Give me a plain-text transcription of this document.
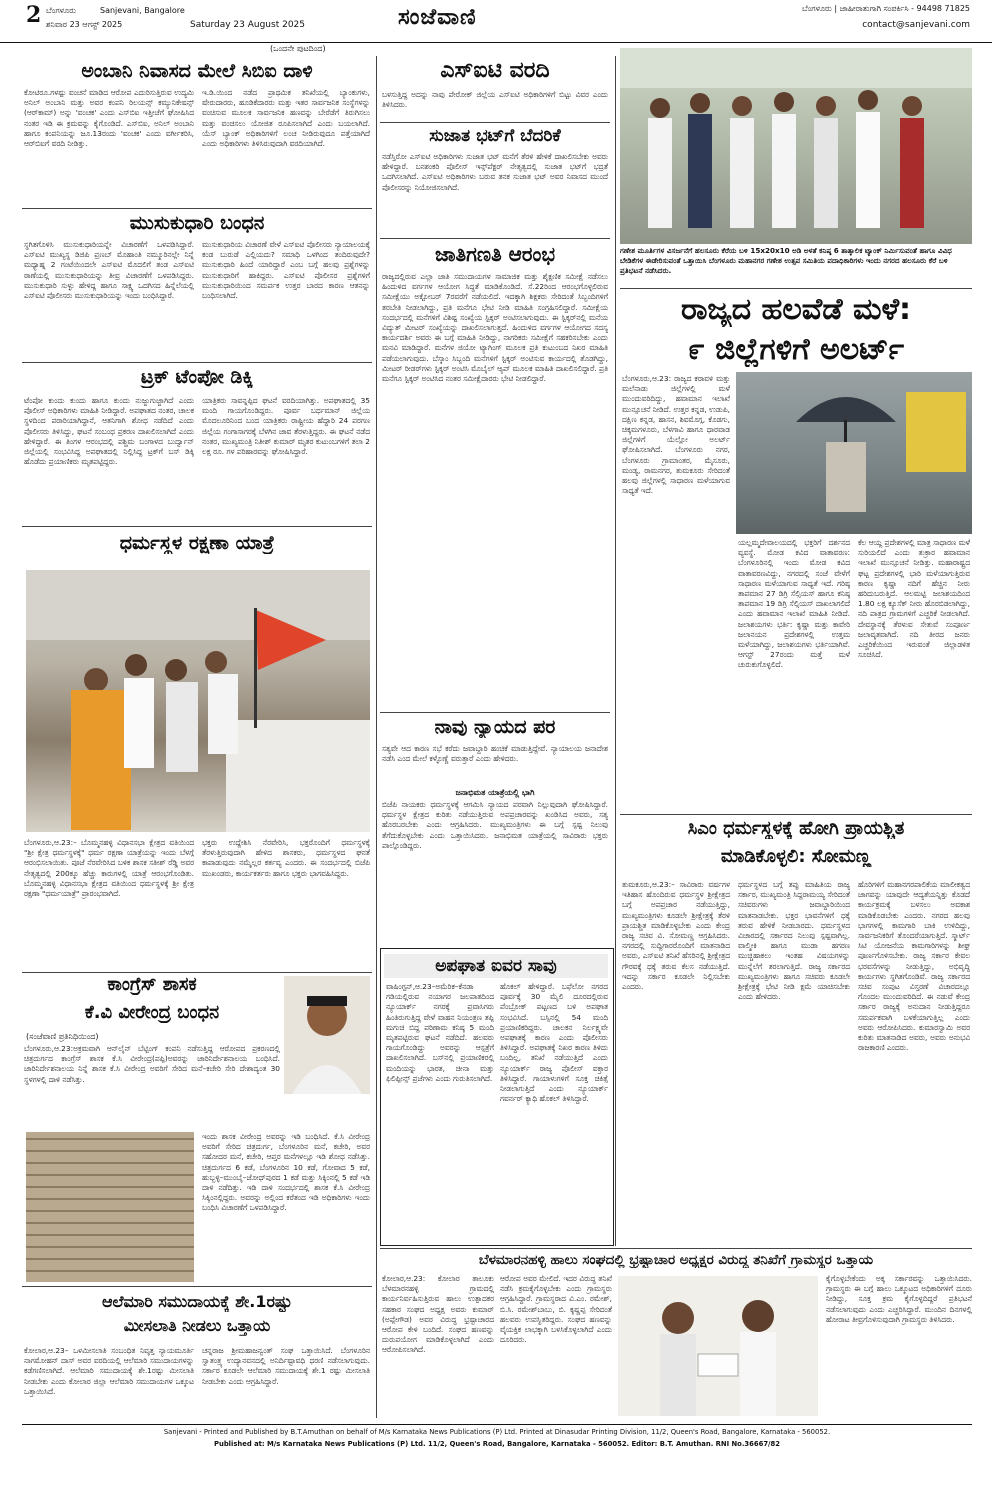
2 ಬೆಂಗಳೂರು	Sanjevani, Bangalore
ಶನಿವಾರ 23 ಆಗಸ್ಟ್ 2025	Saturday 23 August 2025	ಸಂಜೆವಾಣಿ	ಬೆಂಗಳೂರು | ಜಾಹೀರಾತುಗಾಗಿ ಸಂಪರ್ಕಿಸಿ - 94498 71825
contact@sanjevani.com
(ಒಂದನೇ ಪುಟದಿಂದ)
ಅಂಬಾನಿ ನಿವಾಸದ ಮೇಲೆ ಸಿಬಿಐ ದಾಳಿ
ಕೋಟಿರೂ.ಗಳಷ್ಟು ವಂಚನೆ ಮಾಡಿದ ಆರೋಪ ಎದುರಿಸುತ್ತಿರುವ ಉದ್ಯಮಿ ಅನಿಲ್ ಅಂಬಾನಿ ಮತ್ತು ಅವರ ಕಂಪನಿ ರಿಲಯನ್ಸ್ ಕಮ್ಯುನಿಕೇಷನ್ಸ್ (ಆರ್‌ಕಾಮ್) ಅನ್ನು 'ವಂಚಕ' ಎಂದು ಎಸ್‌ಬಿಐ ಇತ್ತೀಚೆಗೆ ಘೋಷಿಸಿದ ನಂತರ ಇಡಿ ಈ ಕ್ರಮವನ್ನು ಕೈಗೊಂಡಿದೆ. ಎಸ್‌ಬಿಐ, ಅನಿಲ್ ಅಂಬಾನಿ ಹಾಗೂ ಕಂಪನಿಯನ್ನು ಜೂ.13ರಂದು 'ವಂಚಕ' ಎಂದು ವರ್ಗೀಕರಿಸಿ, ಆರ್‌ಬಿಐಗೆ ವರದಿ ನೀಡಿತ್ತು.
ಇ.ಡಿ.ಯಿಂದ ನಡೆದ ಪ್ರಾಥಮಿಕ ತನಿಖೆಯಲ್ಲಿ ಬ್ಯಾಂಕುಗಳು, ಷೇರುದಾರರು, ಹೂಡಿಕೆದಾರರು ಮತ್ತು ಇತರ ಸಾರ್ವಜನಿಕ ಸಂಸ್ಥೆಗಳನ್ನು ವಂಚಿಸುವ ಮೂಲಕ ಸಾರ್ವಜನಿಕ ಹಣವನ್ನು ಬೇರೆಡೆಗೆ ತಿರುಗಿಸಲು ಮತ್ತು ವಂಚಿಸಲು ಯೋಜಿತ ರೂಪಿಸಲಾಗಿದೆ ಎಂದು ಬಯಲಾಗಿದೆ. ಯೆಸ್ ಬ್ಯಾಂಕ್ ಅಧಿಕಾರಿಗಳಿಗೆ ಲಂಚ ನೀಡಿರುವುದೂ ಪತ್ತೆಯಾಗಿದೆ ಎಂದು ಅಧಿಕಾರಿಗಳು ತಿಳಿಸಿರುವುದಾಗಿ ವರದಿಯಾಗಿದೆ.
ಮುಸುಕುಧಾರಿ ಬಂಧನ
ಸ್ಥಗಿತಗೊಳಿಸಿ ಮುಸುಕುಧಾರಿಯನ್ನೇ ವಿಚಾರಣೆಗೆ ಒಳಪಡಿಸಿದ್ದಾರೆ. ಎಸ್‌ಐಟಿ ಮುಖ್ಯಸ್ಥ ಡಿಜಿಪಿ ಪ್ರಣಬ್ ಮೊಹಾಂತಿ ನಮ್ಮೂರಿನಲ್ಲೇ ನಿನ್ನೆ ಮಧ್ಯಾಹ್ನ 2 ಗಂಟೆಯಿಂದಲೇ ಎಸ್‌ಐಟಿ ಮೊದಲಿಗೆ ತಂಡ ಎಸ್‌ಐಟಿ ಠಾಣೆಯಲ್ಲಿ ಮುಸುಕುಧಾರಿಯನ್ನು ತೀವ್ರ ವಿಚಾರಣೆಗೆ ಒಳಪಡಿಸಿದ್ದರು. ಮುಸುಕುಧಾರಿ ಸುಳ್ಳು ಹೇಳಿದ್ದ ಹಾಗೂ ಸಾಕ್ಷ್ಯ ಒದಗಿಸದ ಹಿನ್ನೆಲೆಯಲ್ಲಿ ಎಸ್‌ಐಟಿ ಪೊಲೀಸರು ಮುಸುಕುಧಾರಿಯನ್ನು ಇಂದು ಬಂಧಿಸಿದ್ದಾರೆ.
ಮುಸುಕುಧಾರಿಯ ವಿಚಾರಣೆ ವೇಳೆ ಎಸ್‌ಐಟಿ ಪೊಲೀಸರು ನ್ಯಾಯಾಲಯಕ್ಕೆ ಕಂಡ ಬುರುಡೆ ಎಲ್ಲಿಯದು? ಸಮಾಧಿ ಒಳಗಿಂದ ತಂದಿರುವುದೇ? ಮುಸುಕುಧಾರಿ ಹಿಂದೆ ಯಾರಿದ್ದಾರೆ ಎಂಬ ಬಗ್ಗೆ ಹಲವು ಪ್ರಶ್ನೆಗಳನ್ನು ಮುಸುಕುಧಾರಿಗೆ ಹಾಕಿದ್ದರು. ಎಸ್‌ಐಟಿ ಪೊಲೀಸರ ಪ್ರಶ್ನೆಗಳಿಗೆ ಮುಸುಕುಧಾರಿಯಿಂದ ಸಮರ್ಪಕ ಉತ್ತರ ಬಾರದ ಕಾರಣ ಆತನನ್ನು ಬಂಧಿಸಲಾಗಿದೆ.
ಟ್ರಕ್ ಟೆಂಪೋ ಡಿಕ್ಕಿ
ಟೆಂಪೋ ಕುಂದು ಕುಂದು ಹಾಗೂ ಕುಂದು ನುಜ್ಜುಗುಜ್ಜಾಗಿದೆ ಎಂದು ಪೊಲೀಸ್ ಅಧಿಕಾರಿಗಳು ಮಾಹಿತಿ ನೀಡಿದ್ದಾರೆ. ಅಪಘಾತದ ನಂತರ, ಚಾಲಕ ಸ್ಥಳದಿಂದ ಪರಾರಿಯಾಗಿದ್ದಾನೆ, ಆತನಿಗಾಗಿ ಶೋಧ ನಡೆದಿದೆ ಎಂದು ಪೊಲೀಸರು ತಿಳಿಸಿದ್ದು, ಘಟನೆ ಸಂಬಂಧ ಪ್ರಕರಣ ದಾಖಲಿಸಲಾಗಿದೆ ಎಂದು ಹೇಳಿದ್ದಾರೆ. ಈ ತಿಂಗಳ ಆರಂಭದಲ್ಲಿ ಪಶ್ಚಿಮ ಬಂಗಾಳದ ಬುರ್ದ್ವಾನ್ ಜಿಲ್ಲೆಯಲ್ಲಿ ಸಂಭವಿಸಿದ್ದ ಅಪಘಾತದಲ್ಲಿ ನಿಲ್ಲಿಸಿದ್ದ ಟ್ರಕ್‌ಗೆ ಬಸ್ ಡಿಕ್ಕಿ ಹೊಡೆದು ಪ್ರಯಾಣಿಕರು ಮೃತಪಟ್ಟಿದ್ದರು.
ಯಾತ್ರಿಕರು ಸಾವನ್ನಪ್ಪಿದ ಘಟನೆ ವರದಿಯಾಗಿತ್ತು. ಅಪಘಾತದಲ್ಲಿ 35 ಮಂದಿ ಗಾಯಗೊಂಡಿದ್ದರು. ಪೂರ್ವ ಬರ್ಧಮಾನ್ ಜಿಲ್ಲೆಯ ಮೊದಲೂರಿನಿಂದ ಬಂದ ಯಾತ್ರಿಕರು ರಾಷ್ಟ್ರೀಯ ಹೆದ್ದಾರಿ 24 ಪರಗಣ ಜಿಲ್ಲೆಯ ಗಂಗಾಸಾಗರಕ್ಕೆ ಬೆಳಗಿನ ಜಾವ ತೆರಳುತ್ತಿದ್ದರು. ಈ ಘಟನೆ ನಡೆದ ನಂತರ, ಮುಖ್ಯಮಂತ್ರಿ ನಿತೀಶ್ ಕುಮಾರ್ ಮೃತರ ಕುಟುಂಬಗಳಿಗೆ ತಲಾ 2 ಲಕ್ಷ ರೂ. ಗಳ ಪರಿಹಾರವನ್ನು ಘೋಷಿಸಿದ್ದಾರೆ.
ಧರ್ಮಸ್ಥಳ ರಕ್ಷಣಾ ಯಾತ್ರೆ
ಬೆಂಗಳೂರು,ಆ.23:– ಬೊಮ್ಮನಹಳ್ಳಿ ವಿಧಾನಸಭಾ ಕ್ಷೇತ್ರದ ವತಿಯಿಂದ "ಶ್ರೀ ಕ್ಷೇತ್ರ ಧರ್ಮಸ್ಥಳಕ್ಕೆ" ಧರ್ಮ ರಕ್ಷಣಾ ಯಾತ್ರೆಯನ್ನು ಇಂದು ಬೆಳಗ್ಗೆ ಆರಂಭಿಸಲಾಯಿತು. ಪೂಜೆ ನೆರವೇರಿಸಿದ ಬಳಿಕ ಶಾಸಕ ಸತೀಶ್ ರೆಡ್ಡಿ ಅವರ ನೇತೃತ್ವದಲ್ಲಿ 200ಕ್ಕೂ ಹೆಚ್ಚು ಕಾರುಗಳಲ್ಲಿ ಯಾತ್ರೆ ಆರಂಭಗೊಂಡಿತು. ಬೊಮ್ಮನಹಳ್ಳಿ ವಿಧಾನಸಭಾ ಕ್ಷೇತ್ರದ ವತಿಯಿಂದ ಧರ್ಮಸ್ಥಳಕ್ಕೆ ಶ್ರೀ ಕ್ಷೇತ್ರ ರಕ್ಷಣಾ "ಧರ್ಮಯಾತ್ರೆ" ಪ್ರಾರಂಭವಾಗಿದೆ.
ಭಕ್ತರು ಉದ್ದೇಶಿಸಿ ನೆರವೇರಿಸಿ, ಭಕ್ತರೊಂದಿಗೆ ಧರ್ಮಸ್ಥಳಕ್ಕೆ ತೆರಳುತ್ತಿರುವುದಾಗಿ ಹೇಳಿದ ಶಾಸಕರು, ಧರ್ಮಸ್ಥಳದ ಘನತೆ ಕಾಪಾಡುವುದು ನಮ್ಮೆಲ್ಲರ ಕರ್ತವ್ಯ ಎಂದರು. ಈ ಸಂದರ್ಭದಲ್ಲಿ ಬಿಜೆಪಿ ಮುಖಂಡರು, ಕಾರ್ಯಕರ್ತರು ಹಾಗೂ ಭಕ್ತರು ಭಾಗವಹಿಸಿದ್ದರು.
ಕಾಂಗ್ರೆಸ್ ಶಾಸಕ
ಕೆ.ವಿ ವೀರೇಂದ್ರ ಬಂಧನ
(ಸಂಜೆವಾಣಿ ಪ್ರತಿನಿಧಿಯಿಂದ)
ಬೆಂಗಳೂರು,ಆ.23:ಅಕ್ರಮವಾಗಿ ಆನ್‌ಲೈನ್ ಬೆಟ್ಟಿಂಗ್ ಕಂಪನಿ ನಡೆಸುತ್ತಿದ್ದ ಆರೋಪದ ಪ್ರಕರಣದಲ್ಲಿ ಚಿತ್ರದುರ್ಗದ ಕಾಂಗ್ರೆಸ್ ಶಾಸಕ ಕೆ.ಸಿ ವೀರೇಂದ್ರ(ಪಪ್ಪಿ)ಅವರನ್ನು ಜಾರಿನಿರ್ದೇಶನಾಲಯ ಬಂಧಿಸಿದೆ. ಜಾರಿನಿರ್ದೇಶನಾಲಯ ನಿನ್ನೆ ಶಾಸಕ ಕೆ.ಸಿ ವೀರೇಂದ್ರ ಅವರಿಗೆ ಸೇರಿದ ಮನೆ–ಕಚೇರಿ ಸೇರಿ ದೇಶಾದ್ಯಂತ 30 ಸ್ಥಳಗಳಲ್ಲಿ ದಾಳಿ ನಡೆಸಿತ್ತು.
ಇಂದು ಶಾಸಕ ವೀರೇಂದ್ರ ಅವರನ್ನು ಇಡಿ ಬಂಧಿಸಿದೆ. ಕೆ.ಸಿ ವೀರೇಂದ್ರ ಅವರಿಗೆ ಸೇರಿದ ಚಿತ್ರದುರ್ಗ, ಬೆಂಗಳೂರಿನ ಮನೆ, ಕಚೇರಿ, ಅವರ ಸಹೋದರ ಮನೆ, ಕಚೇರಿ, ಆಪ್ತರ ಮನೆಗಳಲ್ಲೂ ಇಡಿ ಶೋಧ ನಡೆಸಿತ್ತು. ಚಿತ್ರದುರ್ಗದ 6 ಕಡೆ, ಬೆಂಗಳೂರಿನ 10 ಕಡೆ, ಗೋವಾದ 5 ಕಡೆ, ಹುಬ್ಬಳ್ಳಿ–ಮುಂಬೈ–ಜೋಧ್‌ಪುರದ 1 ಕಡೆ ಮತ್ತು ಸಿಕ್ಕಿಂನಲ್ಲಿ 5 ಕಡೆ ಇಡಿ ದಾಳಿ ನಡೆದಿತ್ತು. ಇಡಿ ದಾಳಿ ಸಂದರ್ಭದಲ್ಲಿ ಶಾಸಕ ಕೆ.ಸಿ ವೀರೇಂದ್ರ ಸಿಕ್ಕಿಂನಲ್ಲಿದ್ದರು. ಅವರನ್ನು ಅಲ್ಲಿಂದ ಕರೆತಂದ ಇಡಿ ಅಧಿಕಾರಿಗಳು ಇಂದು ಬಂಧಿಸಿ ವಿಚಾರಣೆಗೆ ಒಳಪಡಿಸಿದ್ದಾರೆ.
ಆಲೆಮಾರಿ ಸಮುದಾಯಕ್ಕೆ ಶೇ.1ರಷ್ಟು
ಮೀಸಲಾತಿ ನೀಡಲು ಒತ್ತಾಯ
ಕೋಲಾರ,ಆ.23– ಒಳಮೀಸಲಾತಿ ಸಂಬಂಧಿತ ನಿವೃತ್ತ ನ್ಯಾಯಮೂರ್ತಿ ನಾಗಮೋಹನ್ ದಾಸ್ ಅವರ ವರದಿಯಲ್ಲಿ ಆಲೆಮಾರಿ ಸಮುದಾಯಗಳನ್ನು ಕಡೆಗಣಿಸಲಾಗಿದೆ. ಆಲೆಮಾರಿ ಸಮುದಾಯಕ್ಕೆ ಶೇ.1ರಷ್ಟು ಮೀಸಲಾತಿ ನೀಡಬೇಕು ಎಂದು ಕೋಲಾರ ಜಿಲ್ಲಾ ಆಲೆಮಾರಿ ಸಮುದಾಯಗಳ ಒಕ್ಕೂಟ ಒತ್ತಾಯಿಸಿದೆ.
ಚನ್ನರಾಜ ಶ್ರೀಮಹಾಜನ್ವಂತ್ ಸಂಘ ಒತ್ತಾಯಿಸಿದೆ. ಬೆಂಗಳೂರಿನ ಸ್ವಾತಂತ್ರ್ಯ ಉದ್ಯಾನವನದಲ್ಲಿ ಅನಿರ್ದಿಷ್ಟಾವಧಿ ಧರಣಿ ನಡೆಸಲಾಗುವುದು. ಸರ್ಕಾರ ಕೂಡಲೇ ಆಲೆಮಾರಿ ಸಮುದಾಯಕ್ಕೆ ಶೇ.1 ರಷ್ಟು ಮೀಸಲಾತಿ ನೀಡಬೇಕು ಎಂದು ಆಗ್ರಹಿಸಿದ್ದಾರೆ.
ಎಸ್‌ಐಟಿ ವರದಿ
ಬಳಸುತ್ತಿದ್ದ ಅದನ್ನು ನಾವು ಪೇರೋಕ್ ಜಿಲ್ಲೆಯ ಎಸ್‌ಐಟಿ ಅಧಿಕಾರಿಗಳಿಗೆ ಬಿಟ್ಟು ವಿವರ ಎಂದು ತಿಳಿಸಿದರು.
ಸುಜಾತ ಭಟ್‌ಗೆ ಬೆದರಿಕೆ
ನಡೆಸ್ತಿರೋ ಎಸ್‌ಐಟಿ ಅಧಿಕಾರಿಗಳು ಸುಜಾತ ಭಟ್ ಮನೆಗೆ ತೆರಳಿ ಹೇಳಿಕೆ ದಾಖಲಿಸಬೇಕು ಅವರು ಹೇಳಿದ್ದಾರೆ. ಬನಶಂಕರಿ ಪೊಲೀಸ್ ಇನ್ಸ್‌ಪೆಕ್ಟರ್ ನೇತೃತ್ವದಲ್ಲಿ ಸುಜಾತ ಭಟ್‌ಗೆ ಭದ್ರತೆ ಒದಗಿಸಲಾಗಿದೆ. ಎಸ್‌ಐಟಿ ಅಧಿಕಾರಿಗಳು ಬರುವ ತನಕ ಸುಜಾತ ಭಟ್ ಅವರ ನಿವಾಸದ ಮುಂದೆ ಪೊಲೀಸರನ್ನು ನಿಯೋಜಿಸಲಾಗಿದೆ.
ಜಾತಿಗಣತಿ ಆರಂಭ
ರಾಜ್ಯದಲ್ಲಿರುವ ಎಲ್ಲಾ ಜಾತಿ ಸಮುದಾಯಗಳ ಸಾಮಾಜಿಕ ಮತ್ತು ಶೈಕ್ಷಣಿಕ ಸಮೀಕ್ಷೆ ನಡೆಸಲು ಹಿಂದುಳಿದ ವರ್ಗಗಳ ಆಯೋಗ ಸಿದ್ಧತೆ ಮಾಡಿಕೊಂಡಿದೆ. ಸೆ.22ರಿಂದ ಆರಂಭಗೊಳ್ಳಲಿರುವ ಸಮೀಕ್ಷೆಯು ಅಕ್ಟೋಬರ್ 7ರವರೆಗೆ ನಡೆಯಲಿದೆ. ಇದಕ್ಕಾಗಿ ಶಿಕ್ಷಕರು ಸೇರಿದಂತೆ ಸಿಬ್ಬಂದಿಗಳಿಗೆ ತರಬೇತಿ ನೀಡಲಾಗಿದ್ದು, ಪ್ರತಿ ಮನೆಗೂ ಭೇಟಿ ನೀಡಿ ಮಾಹಿತಿ ಸಂಗ್ರಹಿಸಲಿದ್ದಾರೆ. ಸಮೀಕ್ಷೆಯ ಸಂದರ್ಭದಲ್ಲಿ ಮನೆಗಳಿಗೆ ವಿಶಿಷ್ಟ ಸಂಖ್ಯೆಯ ಸ್ಟಿಕ್ಕರ್ ಅಂಟಿಸಲಾಗುವುದು. ಈ ಸ್ಟಿಕ್ಕರ್‌ನಲ್ಲಿ ಮನೆಯ ವಿದ್ಯುತ್ ಮೀಟರ್ ಸಂಖ್ಯೆಯನ್ನು ದಾಖಲಿಸಲಾಗುತ್ತದೆ. ಹಿಂದುಳಿದ ವರ್ಗಗಳ ಆಯೋಗದ ಸದಸ್ಯ ಕಾರ್ಯದರ್ಶಿ ಅವರು ಈ ಬಗ್ಗೆ ಮಾಹಿತಿ ನೀಡಿದ್ದು, ನಾಗರಿಕರು ಸಮೀಕ್ಷೆಗೆ ಸಹಕರಿಸಬೇಕು ಎಂದು ಮನವಿ ಮಾಡಿದ್ದಾರೆ. ಮನೆಗಳ ಜಿಯೋ ಟ್ಯಾಗಿಂಗ್ ಮೂಲಕ ಪ್ರತಿ ಕುಟುಂಬದ ನಿಖರ ಮಾಹಿತಿ ಪಡೆಯಲಾಗುವುದು. ಬೆಸ್ಕಾಂ ಸಿಬ್ಬಂದಿ ಮನೆಗಳಿಗೆ ಸ್ಟಿಕ್ಕರ್ ಅಂಟಿಸುವ ಕಾರ್ಯದಲ್ಲಿ ತೊಡಗಿದ್ದು, ಮೀಟರ್ ರೀಡರ್‌ಗಳು ಸ್ಟಿಕ್ಕರ್ ಅಂಟಿಸಿ ಮೊಬೈಲ್ ಆ್ಯಪ್ ಮೂಲಕ ಮಾಹಿತಿ ದಾಖಲಿಸಲಿದ್ದಾರೆ. ಪ್ರತಿ ಮನೆಗೂ ಸ್ಟಿಕ್ಕರ್ ಅಂಟಿಸಿದ ನಂತರ ಸಮೀಕ್ಷೆದಾರರು ಭೇಟಿ ನೀಡಲಿದ್ದಾರೆ.
ನಾವು ನ್ಯಾಯದ ಪರ
ಸತ್ಯವೇ ಆದ ಕಾರಣ ಸಭೆ ಕರೆದು ಜವಾಬ್ದಾರಿ ಹಂಚಿಕೆ ಮಾಡುತ್ತಿದ್ದೇವೆ. ನ್ಯಾಯಾಲಯ ಜನಾದೇಶ ನಡೆಸಿ ಎಂದ ಮೇಲೆ ಕಳ್ಳೊಣ್ಣೆ ವರುತ್ತಾರೆ ಎಂದು ಹೇಳಿದರು.
ಜನಾಭಿಮತ ಯಾತ್ರೆಯಲ್ಲಿ ಭಾಗಿ
ಬಿಜೆಪಿ ನಾಯಕರು ಧರ್ಮಸ್ಥಳಕ್ಕೆ ಆಗಮಿಸಿ ನ್ಯಾಯದ ಪರವಾಗಿ ನಿಲ್ಲುವುದಾಗಿ ಘೋಷಿಸಿದ್ದಾರೆ. ಧರ್ಮಸ್ಥಳ ಕ್ಷೇತ್ರದ ಕುರಿತು ನಡೆಯುತ್ತಿರುವ ಅಪಪ್ರಚಾರವನ್ನು ಖಂಡಿಸಿದ ಅವರು, ಸತ್ಯ ಹೊರಬರಬೇಕು ಎಂದು ಆಗ್ರಹಿಸಿದರು. ಮುಖ್ಯಮಂತ್ರಿಗಳು ಈ ಬಗ್ಗೆ ಸ್ಪಷ್ಟ ನಿಲುವು ತೆಗೆದುಕೊಳ್ಳಬೇಕು ಎಂದು ಒತ್ತಾಯಿಸಿದರು. ಜನಾಭಿಮತ ಯಾತ್ರೆಯಲ್ಲಿ ಸಾವಿರಾರು ಭಕ್ತರು ಪಾಲ್ಗೊಂಡಿದ್ದರು.
ಅಪಘಾತ ಐವರ ಸಾವು
ವಾಷಿಂಗ್ಟನ್,ಆ.23–ಅಮೆರಿಕ–ಕೆನಡಾ ಗಡಿಯಲ್ಲಿರುವ ನಯಾಗರ ಜಲಪಾತದಿಂದ ನ್ಯೂಯಾರ್ಕ್ ನಗರಕ್ಕೆ ಪ್ರವಾಸಿಗರು ಹಿಂತಿರುಗುತ್ತಿದ್ದ ವೇಳೆ ವಾಹನ ನಿಯಂತ್ರಣ ತಪ್ಪಿ ಮಗುಚಿ ಬಿದ್ದ ಪರಿಣಾಮ ಕನಿಷ್ಠ 5 ಮಂದಿ ಮೃತಪಟ್ಟಿರುವ ಘಟನೆ ನಡೆದಿದೆ. ಹಲವರು ಗಾಯಗೊಂಡಿದ್ದು ಅವರನ್ನು ಆಸ್ಪತ್ರೆಗೆ ದಾಖಲಿಸಲಾಗಿದೆ. ಬಸ್‌ನಲ್ಲಿ ಪ್ರಯಾಣಿಕರಲ್ಲಿ ಮಂದಿಯನ್ನು ಭಾರತ, ಚೀನಾ ಮತ್ತು ಫಿಲಿಪ್ಪೀನ್ಸ್ ಪ್ರಜೆಗಳು ಎಂದು ಗುರುತಿಸಲಾಗಿದೆ.
ಹೊಕಲ್ ಹೇಳಿದ್ದಾರೆ. ಬಫೆಲೋ ನಗರದ ಪೂರ್ವಕ್ಕೆ 30 ಮೈಲಿ ದೂರದಲ್ಲಿರುವ ಪೆಂಬ್ರೋಕ್ ಪಟ್ಟಣದ ಬಳಿ ಅಪಘಾತ ಸಂಭವಿಸಿದೆ. ಬಸ್ಸಿನಲ್ಲಿ 54 ಮಂದಿ ಪ್ರಯಾಣಿಕರಿದ್ದರು. ಚಾಲಕನ ನಿರ್ಲಕ್ಷ್ಯವೇ ಅಪಘಾತಕ್ಕೆ ಕಾರಣ ಎಂದು ಪೊಲೀಸರು ತಿಳಿಸಿದ್ದಾರೆ. ಅಪಘಾತಕ್ಕೆ ನಿಖರ ಕಾರಣ ತಿಳಿದು ಬಂದಿಲ್ಲ, ತನಿಖೆ ನಡೆಯುತ್ತಿದೆ ಎಂದು ನ್ಯೂಯಾರ್ಕ್ ರಾಜ್ಯ ಪೊಲೀಸ್ ವಕ್ತಾರ ತಿಳಿಸಿದ್ದಾರೆ. ಗಾಯಾಳುಗಳಿಗೆ ಸೂಕ್ತ ಚಿಕಿತ್ಸೆ ನೀಡಲಾಗುತ್ತಿದೆ ಎಂದು ನ್ಯೂಯಾರ್ಕ್ ಗವರ್ನರ್ ಕ್ಯಾಥಿ ಹೊಕಲ್ ತಿಳಿಸಿದ್ದಾರೆ.
ಗಣೇಶ ಮೂರ್ತಿಗಳ ವಿಸರ್ಜನೆಗೆ ಹಲಸೂರು ಕೆರೆಯ ಬಳಿ 15x20x10 ಅಡಿ ಅಳತೆ ಕನಿಷ್ಠ 6 ತಾತ್ಕಾಲಿಕ ಟ್ಯಾಂಕ್ ನಿರ್ಮಿಸುವಂತೆ ಹಾಗೂ ವಿವಿಧ ಬೇಡಿಕೆಗಳ ಈಡೇರಿಸುವಂತೆ ಒತ್ತಾಯಿಸಿ ಬೆಂಗಳೂರು ಮಹಾನಗರ ಗಣೇಶ ಉತ್ಸವ ಸಮಿತಿಯ ಪದಾಧಿಕಾರಿಗಳು ಇಂದು ನಗರದ ಹಲಸೂರು ಕೆರೆ ಬಳಿ ಪ್ರತಿಭಟನೆ ನಡೆಸಿದರು.
ರಾಜ್ಯದ ಹಲವೆಡೆ ಮಳೆ:
೯ ಜಿಲ್ಲೆಗಳಿಗೆ ಅಲರ್ಟ್
ಬೆಂಗಳೂರು,ಆ.23: ರಾಜ್ಯದ ಕರಾವಳಿ ಮತ್ತು ಮಲೆನಾಡು ಜಿಲ್ಲೆಗಳಲ್ಲಿ ಮಳೆ ಮುಂದುವರಿದಿದ್ದು, ಹವಾಮಾನ ಇಲಾಖೆ ಮುನ್ಸೂಚನೆ ನೀಡಿದೆ. ಉತ್ತರ ಕನ್ನಡ, ಉಡುಪಿ, ದಕ್ಷಿಣ ಕನ್ನಡ, ಹಾಸನ, ಶಿವಮೊಗ್ಗ, ಕೊಡಗು, ಚಿಕ್ಕಮಗಳೂರು, ಬೆಳಗಾವಿ ಹಾಗೂ ಧಾರವಾಡ ಜಿಲ್ಲೆಗಳಿಗೆ ಯೆಲ್ಲೋ ಅಲರ್ಟ್ ಘೋಷಿಸಲಾಗಿದೆ. ಬೆಂಗಳೂರು ನಗರ, ಬೆಂಗಳೂರು ಗ್ರಾಮಾಂತರ, ಮೈಸೂರು, ಮಂಡ್ಯ, ರಾಮನಗರ, ತುಮಕೂರು ಸೇರಿದಂತೆ ಹಲವು ಜಿಲ್ಲೆಗಳಲ್ಲಿ ಸಾಧಾರಣ ಮಳೆಯಾಗುವ ಸಾಧ್ಯತೆ ಇದೆ.
ಯಲ್ಲಮ್ಮದೇವಾಲಯದಲ್ಲಿ ಭಕ್ತರಿಗೆ ದರ್ಶನದ ವ್ಯವಸ್ಥೆ. ಮೋಡ ಕವಿದ ವಾತಾವರಣ: ಬೆಂಗಳೂರಿನಲ್ಲಿ ಇಂದು ಮೋಡ ಕವಿದ ವಾತಾವರಣವಿದ್ದು, ನಗರದಲ್ಲಿ ಸಂಜೆ ವೇಳೆಗೆ ಸಾಧಾರಣ ಮಳೆಯಾಗುವ ಸಾಧ್ಯತೆ ಇದೆ. ಗರಿಷ್ಠ ತಾಪಮಾನ 27 ಡಿಗ್ರಿ ಸೆಲ್ಸಿಯಸ್ ಹಾಗೂ ಕನಿಷ್ಠ ತಾಪಮಾನ 19 ಡಿಗ್ರಿ ಸೆಲ್ಸಿಯಸ್ ದಾಖಲಾಗಲಿದೆ ಎಂದು ಹವಾಮಾನ ಇಲಾಖೆ ಮಾಹಿತಿ ನೀಡಿದೆ. ಜಲಾಶಯಗಳು ಭರ್ತಿ: ಕೃಷ್ಣಾ ಮತ್ತು ಕಾವೇರಿ ಜಲಾನಯನ ಪ್ರದೇಶಗಳಲ್ಲಿ ಉತ್ತಮ ಮಳೆಯಾಗಿದ್ದು, ಜಲಾಶಯಗಳು ಭರ್ತಿಯಾಗಿವೆ. ಆಗಸ್ಟ್ 27ರಂದು ಮತ್ತೆ ಮಳೆ ಚುರುಕುಗೊಳ್ಳಲಿದೆ.
ಕೆಲ ಆಯ್ದ ಪ್ರದೇಶಗಳಲ್ಲಿ ಮಾತ್ರ ಸಾಧಾರಣ ಮಳೆ ಸುರಿಯಲಿದೆ ಎಂದು ತುಕ್ರಾರ ಹವಾಮಾನ ಇಲಾಖೆ ಮುನ್ಸೂಚನೆ ನೀಡಿತ್ತು. ಮಹಾರಾಷ್ಟ್ರದ ಘಟ್ಟ ಪ್ರದೇಶಗಳಲ್ಲಿ ಭಾರಿ ಮಳೆಯಾಗುತ್ತಿರುವ ಕಾರಣ ಕೃಷ್ಣಾ ನದಿಗೆ ಹೆಚ್ಚಿನ ನೀರು ಹರಿದುಬರುತ್ತಿದೆ. ಆಲಮಟ್ಟಿ ಜಲಾಶಯದಿಂದ 1.80 ಲಕ್ಷ ಕ್ಯೂಸೆಕ್ ನೀರು ಹೊರಬಿಡಲಾಗಿದ್ದು, ನದಿ ಪಾತ್ರದ ಗ್ರಾಮಗಳಿಗೆ ಎಚ್ಚರಿಕೆ ನೀಡಲಾಗಿದೆ. ದೇವಸ್ಥಾನಕ್ಕೆ ತೆರಳುವ ಸೇತುವೆ ಸಂಪೂರ್ಣ ಜಲಾವೃತವಾಗಿದೆ. ನದಿ ತೀರದ ಜನರು ಎಚ್ಚರಿಕೆಯಿಂದ ಇರುವಂತೆ ಜಿಲ್ಲಾಡಳಿತ ಸೂಚಿಸಿದೆ.
ಸಿಎಂ ಧರ್ಮಸ್ಥಳಕ್ಕೆ ಹೋಗಿ ಪ್ರಾಯಶ್ಚಿತ
ಮಾಡಿಕೊಳ್ಳಲಿ: ಸೋಮಣ್ಣ
ತುಮಕೂರು,ಆ.23:– ಸಾವಿರಾರು ವರ್ಷಗಳ ಇತಿಹಾಸ ಹೊಂದಿರುವ ಧರ್ಮಸ್ಥಳ ಶ್ರೀಕ್ಷೇತ್ರದ ಬಗ್ಗೆ ಅಪಪ್ರಚಾರ ನಡೆಯುತ್ತಿದ್ದು, ಮುಖ್ಯಮಂತ್ರಿಗಳು ಕೂಡಲೇ ಶ್ರೀಕ್ಷೇತ್ರಕ್ಕೆ ತೆರಳಿ ಪ್ರಾಯಶ್ಚಿತ ಮಾಡಿಕೊಳ್ಳಬೇಕು ಎಂದು ಕೇಂದ್ರ ರಾಜ್ಯ ಸಚಿವ ವಿ. ಸೋಮಣ್ಣ ಆಗ್ರಹಿಸಿದರು. ನಗರದಲ್ಲಿ ಸುದ್ದಿಗಾರರೊಂದಿಗೆ ಮಾತನಾಡಿದ ಅವರು, ಎಸ್‌ಐಟಿ ತನಿಖೆ ಹೆಸರಿನಲ್ಲಿ ಶ್ರೀಕ್ಷೇತ್ರದ ಗೌರವಕ್ಕೆ ಧಕ್ಕೆ ತರುವ ಕೆಲಸ ನಡೆಯುತ್ತಿದೆ. ಇದನ್ನು ಸರ್ಕಾರ ಕೂಡಲೇ ನಿಲ್ಲಿಸಬೇಕು ಎಂದರು.
ಧರ್ಮಸ್ಥಳದ ಬಗ್ಗೆ ತಪ್ಪು ಮಾಹಿತಿಯ ರಾಜ್ಯ ಸರ್ಕಾರ, ಮುಖ್ಯಮಂತ್ರಿ ಸಿದ್ದರಾಮಯ್ಯ ಸೇರಿದಂತೆ ಸಚಿವರುಗಳು ಜವಾಬ್ದಾರಿಯಿಂದ ಮಾತನಾಡಬೇಕು. ಭಕ್ತರ ಭಾವನೆಗಳಿಗೆ ಧಕ್ಕೆ ತರುವ ಹೇಳಿಕೆ ನೀಡಬಾರದು. ಧರ್ಮಸ್ಥಳದ ವಿಚಾರದಲ್ಲಿ ಸರ್ಕಾರದ ನಿಲುವು ಸ್ಪಷ್ಟವಾಗಿಲ್ಲ. ವಾಲ್ಮೀಕಿ ಹಾಗೂ ಮುಡಾ ಹಗರಣ ಮುಚ್ಚಿಹಾಕಲು ಇಂತಹ ವಿಷಯಗಳನ್ನು ಮುನ್ನೆಲೆಗೆ ತರಲಾಗುತ್ತಿದೆ. ರಾಜ್ಯ ಸರ್ಕಾರದ ಮುಖ್ಯಮಂತ್ರಿಗಳು ಹಾಗೂ ಸಚಿವರು ಕೂಡಲೇ ಶ್ರೀಕ್ಷೇತ್ರಕ್ಕೆ ಭೇಟಿ ನೀಡಿ ಕ್ಷಮೆ ಯಾಚಿಸಬೇಕು ಎಂದು ಹೇಳಿದರು.
ಹೊರಿಗಳಿಗೆ ಮಹಾನಗರಪಾಲಿಕೆಯ ಮಾಲೀಕತ್ವದ ಜಾಗವನ್ನು ಯಾವುದೇ ಆದ್ಯತೆಯನ್ನಿತ್ತು ಕೊಡದೆ ಕಾರ್ಯಕ್ರಮಕ್ಕೆ ಬಳಸಲು ಅವಕಾಶ ಮಾಡಿಕೊಡಬೇಕು ಎಂದರು. ನಗರದ ಹಲವು ಭಾಗಗಳಲ್ಲಿ ಕಾಮಗಾರಿ ಬಾಕಿ ಉಳಿದಿದ್ದು, ಸಾರ್ವಜನಿಕರಿಗೆ ತೊಂದರೆಯಾಗುತ್ತಿದೆ. ಸ್ಮಾರ್ಟ್ ಸಿಟಿ ಯೋಜನೆಯ ಕಾಮಗಾರಿಗಳನ್ನು ಶೀಘ್ರ ಪೂರ್ಣಗೊಳಿಸಬೇಕು. ರಾಜ್ಯ ಸರ್ಕಾರ ಕೇವಲ ಭರವಸೆಗಳನ್ನು ನೀಡುತ್ತಿದ್ದು, ಅಭಿವೃದ್ಧಿ ಕಾರ್ಯಗಳು ಸ್ಥಗಿತಗೊಂಡಿವೆ. ರಾಜ್ಯ ಸರ್ಕಾರದ ಸಚಿವ ಸಂಪುಟ ವಿಸ್ತರಣೆ ವಿಚಾರದಲ್ಲೂ ಗೊಂದಲ ಮುಂದುವರಿದಿದೆ. ಈ ನಡುವೆ ಕೇಂದ್ರ ಸರ್ಕಾರ ರಾಜ್ಯಕ್ಕೆ ಅನುದಾನ ನೀಡುತ್ತಿದ್ದರೂ ಸಮರ್ಪಕವಾಗಿ ಬಳಕೆಯಾಗುತ್ತಿಲ್ಲ ಎಂದು ಅವರು ಆರೋಪಿಸಿದರು. ಕುಮಾರಸ್ವಾಮಿ ಅವರ ಕುರಿತು ಮಾತನಾಡಿದ ಅವರು, ಅವರು ಅನುಭವಿ ರಾಜಕಾರಣಿ ಎಂದರು.
ಬೆಳಮಾರನಹಳ್ಳಿ ಹಾಲು ಸಂಘದಲ್ಲಿ ಭ್ರಷ್ಟಾಚಾರ ಅಧ್ಯಕ್ಷರ ವಿರುದ್ಧ ತನಿಖೆಗೆ ಗ್ರಾಮಸ್ಥರ ಒತ್ತಾಯ
ಕೋಲಾರ,ಆ.23: ಕೋಲಾರ ತಾಲೂಕು ಬೆಳಮಾರನಹಳ್ಳಿ ಗ್ರಾಮದಲ್ಲಿ ಕಾರ್ಯನಿರ್ವಹಿಸುತ್ತಿರುವ ಹಾಲು ಉತ್ಪಾದಕರ ಸಹಕಾರ ಸಂಘದ ಅಧ್ಯಕ್ಷ ಅವರು ಕುಮಾರ್ (ಅಪ್ಪೇಗೌಡ) ಅವರ ವಿರುದ್ಧ ಭ್ರಷ್ಟಾಚಾರದ ಆರೋಪ ಕೇಳಿ ಬಂದಿದೆ. ಸಂಘದ ಹಣವನ್ನು ದುರುಪಯೋಗ ಮಾಡಿಕೊಳ್ಳಲಾಗಿದೆ ಎಂದು ಆರೋಪಿಸಲಾಗಿದೆ.
ಆರೋಪ ಅವರ ಮೇಲಿದೆ. ಇದರ ವಿರುದ್ಧ ತನಿಖೆ ನಡೆಸಿ ಕ್ರಮಕೈಗೊಳ್ಳಬೇಕು ಎಂದು ಗ್ರಾಮಸ್ಥರು ಆಗ್ರಹಿಸಿದ್ದಾರೆ. ಗ್ರಾಮಸ್ಥರಾದ ವಿ.ಎಂ. ರಮೇಶ್, ಬಿ.ಸಿ. ರಮೇಶ್‌ಬಾಬು, ಬಿ. ಕೃಷ್ಣಪ್ಪ ಸೇರಿದಂತೆ ಹಲವರು ಉಪಸ್ಥಿತರಿದ್ದರು. ಸಂಘದ ಹಣವನ್ನು ವೈಯಕ್ತಿಕ ಲಾಭಕ್ಕಾಗಿ ಬಳಸಿಕೊಳ್ಳಲಾಗಿದೆ ಎಂದು ದೂರಿದರು.
ಕೈಗೊಳ್ಳಬೇಕೆಂದು ಅಕ್ಕ ಸರ್ಕಾರವನ್ನು ಒತ್ತಾಯಿಸಿದರು. ಗ್ರಾಮಸ್ಥರು ಈ ಬಗ್ಗೆ ಹಾಲು ಒಕ್ಕೂಟದ ಅಧಿಕಾರಿಗಳಿಗೆ ದೂರು ನೀಡಿದ್ದು, ಸೂಕ್ತ ಕ್ರಮ ಕೈಗೊಳ್ಳದಿದ್ದರೆ ಪ್ರತಿಭಟನೆ ನಡೆಸಲಾಗುವುದು ಎಂದು ಎಚ್ಚರಿಸಿದ್ದಾರೆ. ಮುಂದಿನ ದಿನಗಳಲ್ಲಿ ಹೋರಾಟ ತೀವ್ರಗೊಳಿಸುವುದಾಗಿ ಗ್ರಾಮಸ್ಥರು ತಿಳಿಸಿದರು.
Sanjevani - Printed and Published by B.T.Amuthan on behalf of M/s Karnataka News Publications (P) Ltd. Printed at Dinasudar Printing Division, 11/2, Queen's Road, Bangalore, Karnataka - 560052.
Published at: M/s Karnataka News Publications (P) Ltd. 11/2, Queen's Road, Bangalore, Karnataka - 560052. Editor: B.T. Amuthan. RNI No.36667/82
